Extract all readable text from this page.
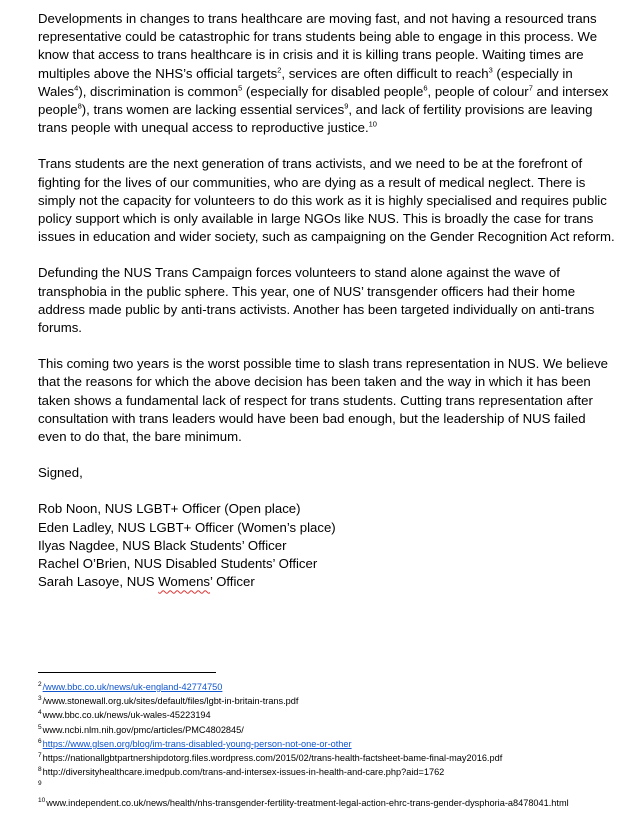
Developments in changes to trans healthcare are moving fast, and not having a resourced trans representative could be catastrophic for trans students being able to engage in this process. We know that access to trans healthcare is in crisis and it is killing trans people. Waiting times are multiples above the NHS’s official targets$^2$, services are often difficult to reach$^3$ (especially in Wales$^4$), discrimination is common$^5$ (especially for disabled people$^6$, people of colour$^7$ and intersex people$^8$), trans women are lacking essential services$^9$, and lack of fertility provisions are leaving trans people with unequal access to reproductive justice.$^{10}$

Trans students are the next generation of trans activists, and we need to be at the forefront of fighting for the lives of our communities, who are dying as a result of medical neglect. There is simply not the capacity for volunteers to do this work as it is highly specialised and requires public policy support which is only available in large NGOs like NUS. This is broadly the case for trans issues in education and wider society, such as campaigning on the Gender Recognition Act reform.

Defunding the NUS Trans Campaign forces volunteers to stand alone against the wave of transphobia in the public sphere. This year, one of NUS’ transgender officers had their home address made public by anti-trans activists. Another has been targeted individually on anti-trans forums.

This coming two years is the worst possible time to slash trans representation in NUS. We believe that the reasons for which the above decision has been taken and the way in which it has been taken shows a fundamental lack of respect for trans students. Cutting trans representation after consultation with trans leaders would have been bad enough, but the leadership of NUS failed even to do that, the bare minimum.

Signed,

Rob Noon, NUS LGBT+ Officer (Open place)

Eden Ladley, NUS LGBT+ Officer (Women’s place)

Ilyas Nagdee, NUS Black Students’ Officer

Rachel O’Brien, NUS Disabled Students’ Officer

Sarah Lasoye, NUS Womens’ Officer

$^2$/www.bbc.co.uk/news/uk-england-42774750

$^3$/www.stonewall.org.uk/sites/default/files/lgbt-in-britain-trans.pdf

$^4$www.bbc.co.uk/news/uk-wales-45223194

$^5$www.ncbi.nlm.nih.gov/pmc/articles/PMC4802845/

$^6$https://www.glsen.org/blog/im-trans-disabled-young-person-not-one-or-other

$^7$https://nationallgbtpartnershipdotorg.files.wordpress.com/2015/02/trans-health-factsheet-bame-final-may2016.pdf

$^8$http://diversityhealthcare.imedpub.com/trans-and-intersex-issues-in-health-and-care.php?aid=1762

$^9$

$^{10}$www.independent.co.uk/news/health/nhs-transgender-fertility-treatment-legal-action-ehrc-trans-gender-dysphoria-a8478041.html
